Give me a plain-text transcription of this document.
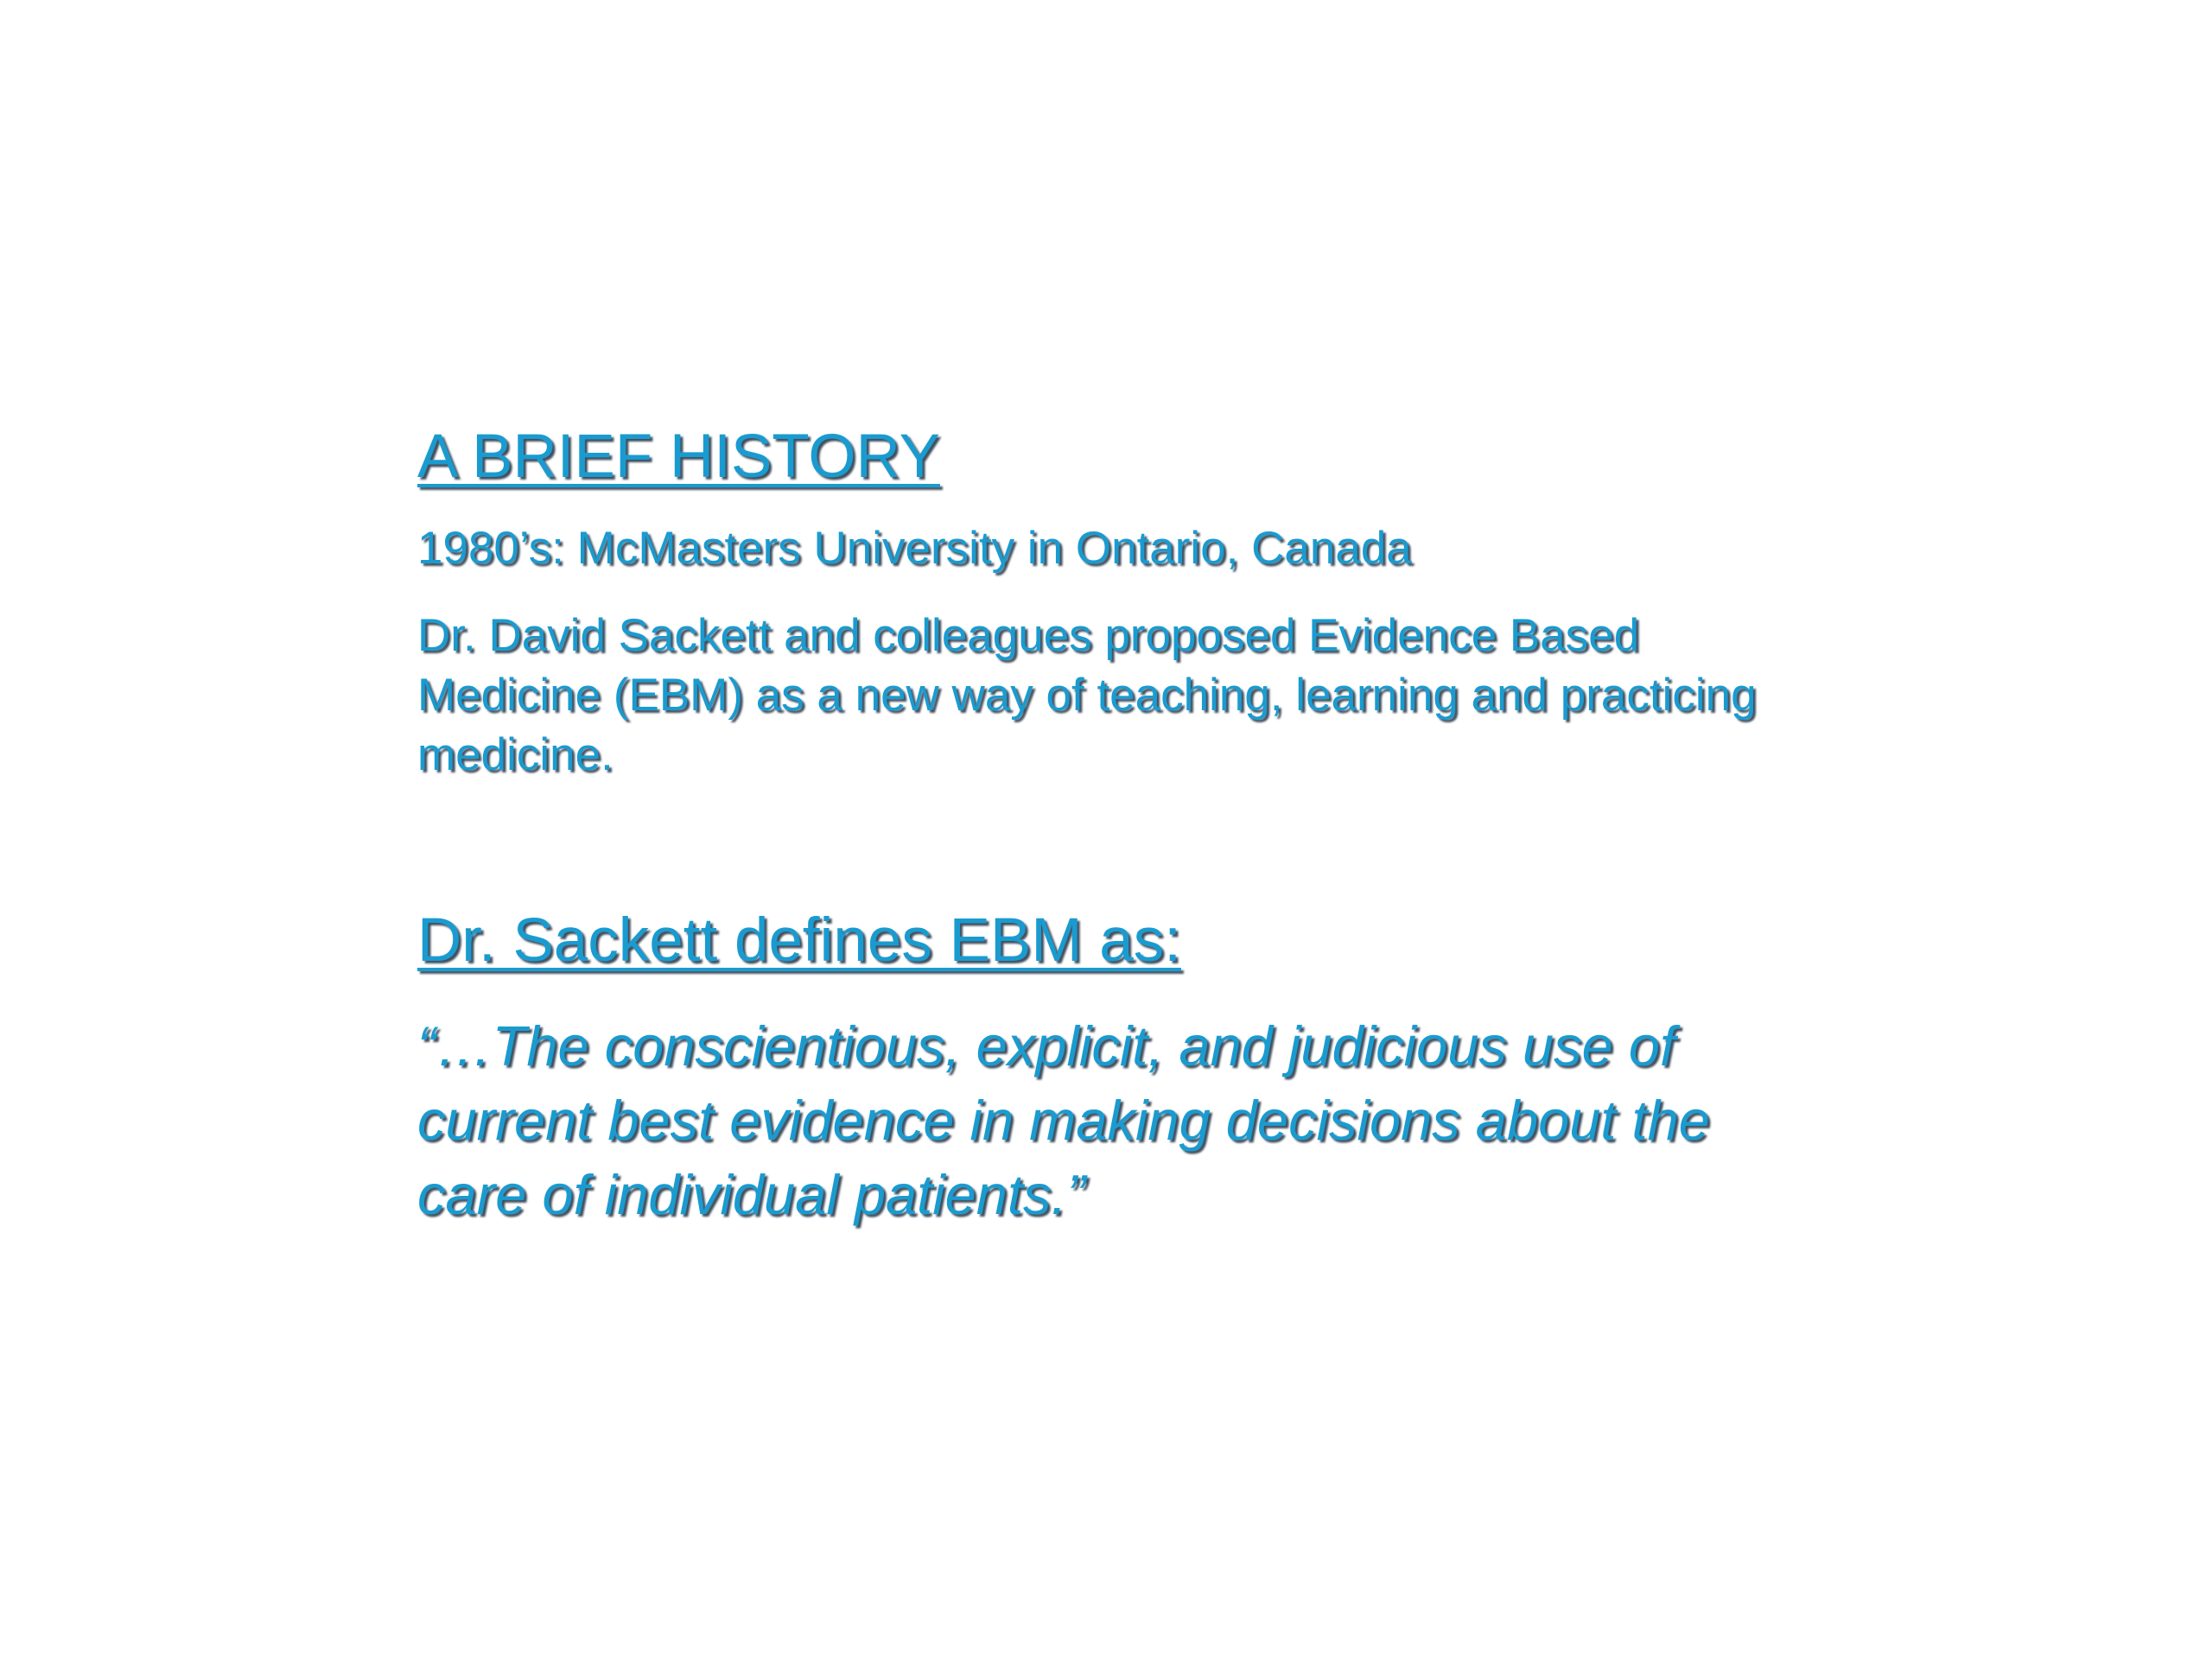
A BRIEF HISTORY

1980’s: McMasters University in Ontario, Canada

Dr. David Sackett and colleagues proposed Evidence Based Medicine (EBM) as a new way of teaching, learning and practicing medicine.

Dr. Sackett defines EBM as:

“…The conscientious, explicit, and judicious use of current best evidence in making decisions about the care of individual patients.”
